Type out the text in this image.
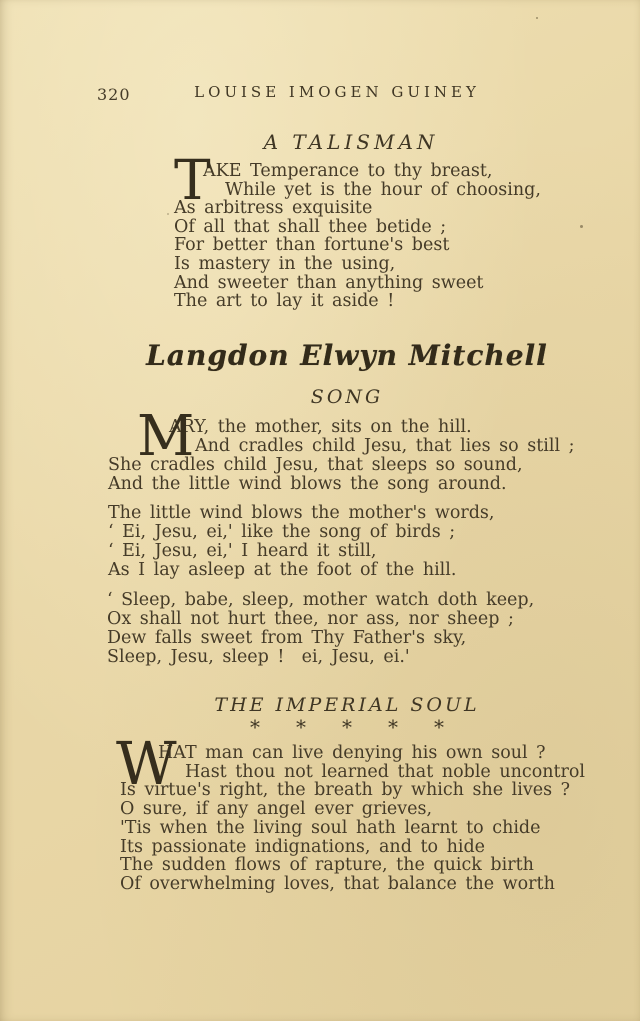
320	LOUISE IMOGEN GUINEY
A TALISMAN
T
AKE Temperance to thy breast,
While yet is the hour of choosing,
As arbitress exquisite
Of all that shall thee betide ;
For better than fortune's best
Is mastery in the using,
And sweeter than anything sweet
The art to lay it aside !
Langdon Elwyn Mitchell
SONG
M
ARY, the mother, sits on the hill.
And cradles child Jesu, that lies so still ;
She cradles child Jesu, that sleeps so sound,
And the little wind blows the song around.
The little wind blows the mother's words,
‘ Ei, Jesu, ei,' like the song of birds ;
‘ Ei, Jesu, ei,' I heard it still,
As I lay asleep at the foot of the hill.
‘ Sleep, babe, sleep, mother watch doth keep,
Ox shall not hurt thee, nor ass, nor sheep ;
Dew falls sweet from Thy Father's sky,
Sleep, Jesu, sleep !  ei, Jesu, ei.'
THE IMPERIAL SOUL
* * * * *
W
HAT man can live denying his own soul ?
Hast thou not learned that noble uncontrol
Is virtue's right, the breath by which she lives ?
O sure, if any angel ever grieves,
'Tis when the living soul hath learnt to chide
Its passionate indignations, and to hide
The sudden flows of rapture, the quick birth
Of overwhelming loves, that balance the worth
